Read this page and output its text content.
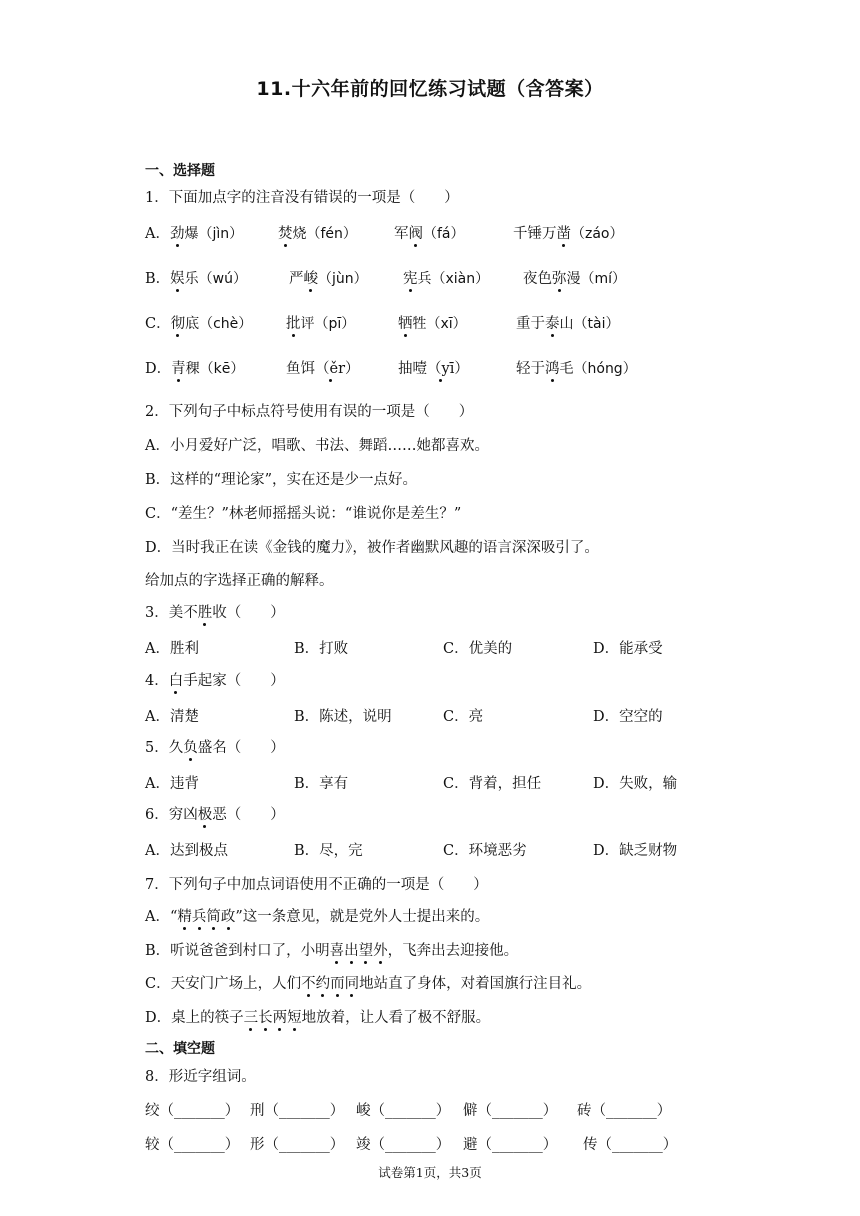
11.十六年前的回忆练习试题（含答案）
一、选择题
1．下面加点字的注音没有错误的一项是（　　）
A．劲爆（jìn） 焚烧（fén）	军阀（fá）	千锤万凿（záo）
B．娱乐（wú）	严峻（jùn） 宪兵（xiàn） 夜色弥漫（mí）
C．彻底（chè） 批评（pī）	牺牲（xī）	重于泰山（tài）
D．青稞（kē）	鱼饵（ěr）	抽噎（yī）	轻于鸿毛（hóng）
2．下列句子中标点符号使用有误的一项是（　　）
A．小月爱好广泛，唱歌、书法、舞蹈……她都喜欢。
B．这样的“理论家”，实在还是少一点好。
C．“差生？”林老师摇摇头说：“谁说你是差生？”
D．当时我正在读《金钱的魔力》，被作者幽默风趣的语言深深吸引了。
给加点的字选择正确的解释。
3．美不胜收（　　）
A．胜利	B．打败	C．优美的	D．能承受
4．白手起家（　　）
A．清楚	B．陈述，说明	C．亮	D．空空的
5．久负盛名（　　）
A．违背	B．享有	C．背着，担任	D．失败，输
6．穷凶极恶（　　）
A．达到极点	B．尽，完	C．环境恶劣	D．缺乏财物
7．下列句子中加点词语使用不正确的一项是（　　）
A．“精兵简政”这一条意见，就是党外人士提出来的。
B．听说爸爸到村口了，小明喜出望外，飞奔出去迎接他。
C．天安门广场上，人们不约而同地站直了身体，对着国旗行注目礼。
D．桌上的筷子三长两短地放着，让人看了极不舒服。
二、填空题
8．形近字组词。
绞（_______） 刑（_______） 峻（_______） 僻（_______） 砖（_______）
较（_______） 形（_______） 竣（_______） 避（_______） 传（_______）
试卷第1页，共3页
